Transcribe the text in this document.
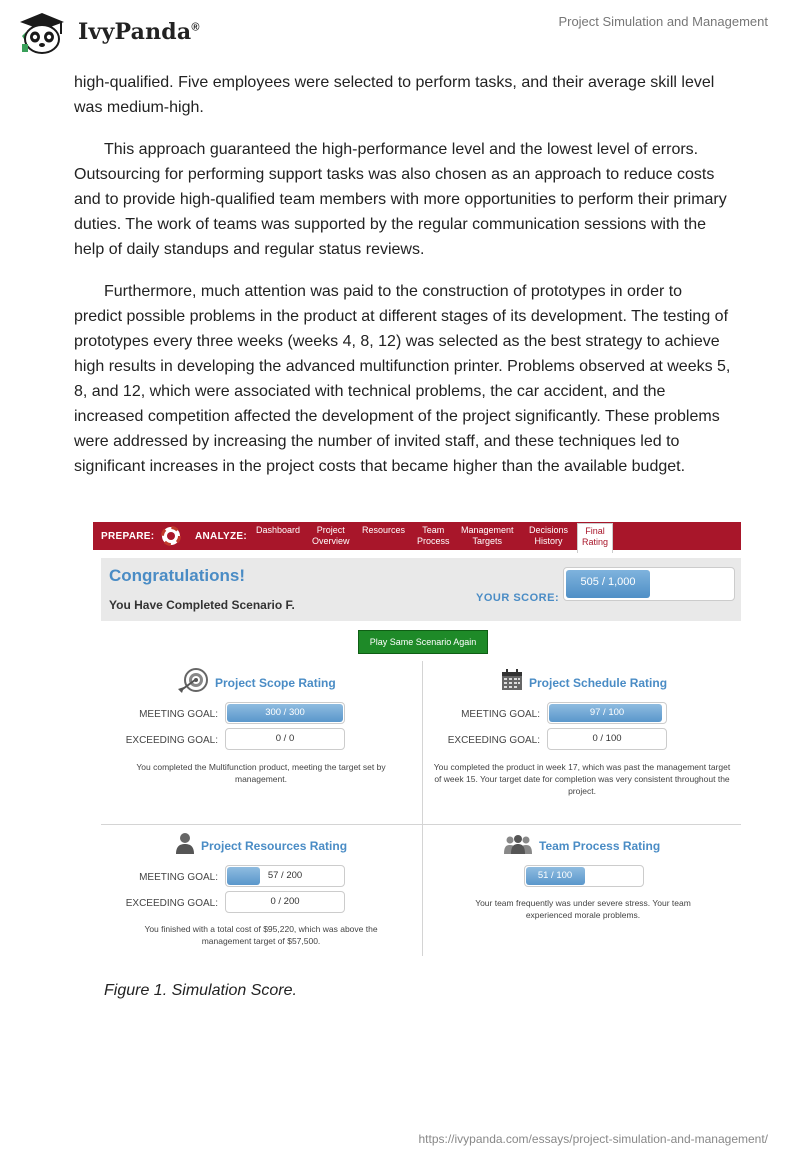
IvyPanda®	Project Simulation and Management

high-qualified. Five employees were selected to perform tasks, and their average skill level was medium-high.

This approach guaranteed the high-performance level and the lowest level of errors. Outsourcing for performing support tasks was also chosen as an approach to reduce costs and to provide high-qualified team members with more opportunities to perform their primary duties. The work of teams was supported by the regular communication sessions with the help of daily standups and regular status reviews.

Furthermore, much attention was paid to the construction of prototypes in order to predict possible problems in the product at different stages of its development. The testing of prototypes every three weeks (weeks 4, 8, 12) was selected as the best strategy to achieve high results in developing the advanced multifunction printer. Problems observed at weeks 5, 8, and 12, which were associated with technical problems, the car accident, and the increased competition affected the development of the project significantly. These problems were addressed by increasing the number of invited staff, and these techniques led to significant increases in the project costs that became higher than the available budget.

PREPARE:	ANALYZE:
Dashboard	Project
Overview
Resources	Team
Process
Management
Targets
Decisions
History
Final
Rating
Congratulations!
You Have Completed Scenario F.	YOUR SCORE:
505 / 1,000
Play Same Scenario Again
Project Scope Rating
MEETING GOAL:	300 / 300
EXCEEDING GOAL:	0 / 0
You completed the Multifunction product, meeting the target set by management.
Project Schedule Rating
MEETING GOAL:	97 / 100
EXCEEDING GOAL:	0 / 100
You completed the product in week 17, which was past the management target of week 15. Your target date for completion was very consistent throughout the project.
Project Resources Rating
MEETING GOAL:	57 / 200
EXCEEDING GOAL:	0 / 200
You finished with a total cost of $95,220, which was above the management target of $57,500.
Team Process Rating
51 / 100
Your team frequently was under severe stress. Your team experienced morale problems.
Figure 1. Simulation Score.
https://ivypanda.com/essays/project-simulation-and-management/
